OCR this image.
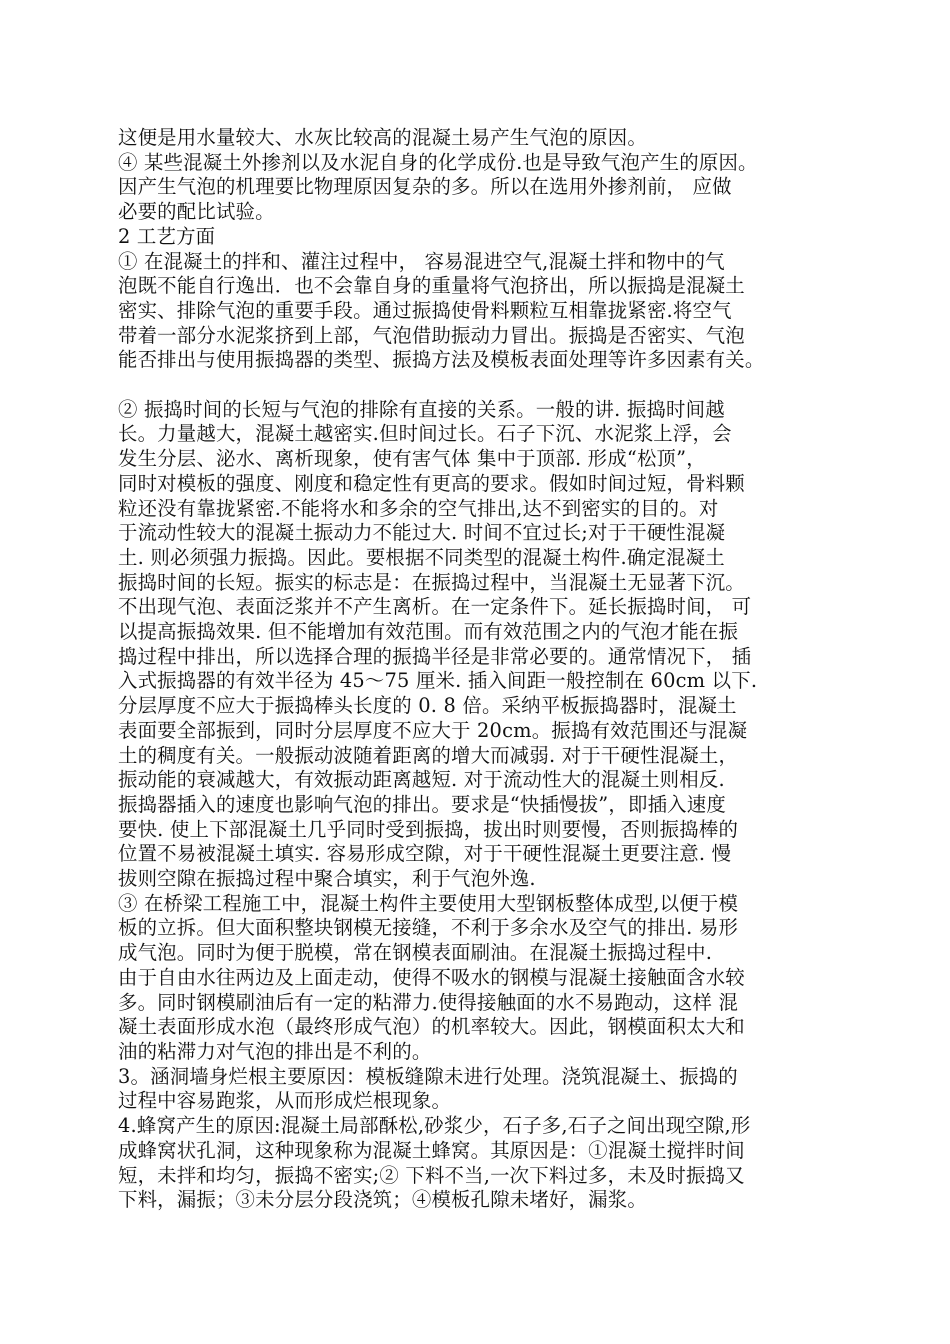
这便是用水量较大、水灰比较高的混凝土易产生气泡的原因。
④ 某些混凝土外掺剂以及水泥自身的化学成份.也是导致气泡产生的原因。
因产生气泡的机理要比物理原因复杂的多。所以在选用外掺剂前， 应做
必要的配比试验。
2 工艺方面
① 在混凝土的拌和、灌注过程中， 容易混进空气,混凝土拌和物中的气
泡既不能自行逸出．也不会靠自身的重量将气泡挤出，所以振捣是混凝土
密实、排除气泡的重要手段。通过振捣使骨料颗粒互相靠拢紧密.将空气
带着一部分水泥浆挤到上部，气泡借助振动力冒出。振捣是否密实、气泡
能否排出与使用振捣器的类型、振捣方法及模板表面处理等许多因素有关。
② 振捣时间的长短与气泡的排除有直接的关系。一般的讲. 振捣时间越
长。力量越大，混凝土越密实.但时间过长。石子下沉、水泥浆上浮，会
发生分层、泌水、离析现象，使有害气体 集中于顶部. 形成“松顶”，
同时对模板的强度、刚度和稳定性有更高的要求。假如时间过短，骨料颗
粒还没有靠拢紧密.不能将水和多余的空气排出,达不到密实的目的。对
于流动性较大的混凝土振动力不能过大. 时间不宜过长;对于干硬性混凝
土. 则必须强力振捣。因此。要根据不同类型的混凝土构件.确定混凝土
振捣时间的长短。振实的标志是：在振捣过程中，当混凝土无显著下沉。
不出现气泡、表面泛浆并不产生离析。在一定条件下。延长振捣时间， 可
以提高振捣效果. 但不能增加有效范围。而有效范围之内的气泡才能在振
捣过程中排出，所以选择合理的振捣半径是非常必要的。通常情况下， 插
入式振捣器的有效半径为 45～75 厘米. 插入间距一般控制在 60cm 以下.
分层厚度不应大于振捣棒头长度的 0. 8 倍。采纳平板振捣器时，混凝土
表面要全部振到，同时分层厚度不应大于 20cm。振捣有效范围还与混凝
土的稠度有关。一般振动波随着距离的增大而减弱. 对于干硬性混凝土，
振动能的衰减越大，有效振动距离越短. 对于流动性大的混凝土则相反.
振捣器插入的速度也影响气泡的排出。要求是“快插慢拔”，即插入速度
要快. 使上下部混凝土几乎同时受到振捣，拔出时则要慢，否则振捣棒的
位置不易被混凝土填实. 容易形成空隙，对于干硬性混凝土更要注意. 慢
拔则空隙在振捣过程中聚合填实，利于气泡外逸.
③ 在桥梁工程施工中，混凝土构件主要使用大型钢板整体成型,以便于模
板的立拆。但大面积整块钢模无接缝，不利于多余水及空气的排出. 易形
成气泡。同时为便于脱模，常在钢模表面刷油。在混凝土振捣过程中.
由于自由水往两边及上面走动，使得不吸水的钢模与混凝土接触面含水较
多。同时钢模刷油后有一定的粘滞力.使得接触面的水不易跑动，这样 混
凝土表面形成水泡（最终形成气泡）的机率较大。因此，钢模面积太大和
油的粘滞力对气泡的排出是不利的。
3。涵洞墙身烂根主要原因：模板缝隙未进行处理。浇筑混凝土、振捣的
过程中容易跑浆，从而形成烂根现象。
4.蜂窝产生的原因:混凝土局部酥松,砂浆少，石子多,石子之间出现空隙,形
成蜂窝状孔洞，这种现象称为混凝土蜂窝。其原因是：①混凝土搅拌时间
短，未拌和均匀，振捣不密实;② 下料不当,一次下料过多，未及时振捣又
下料，漏振；③未分层分段浇筑；④模板孔隙未堵好，漏浆。
